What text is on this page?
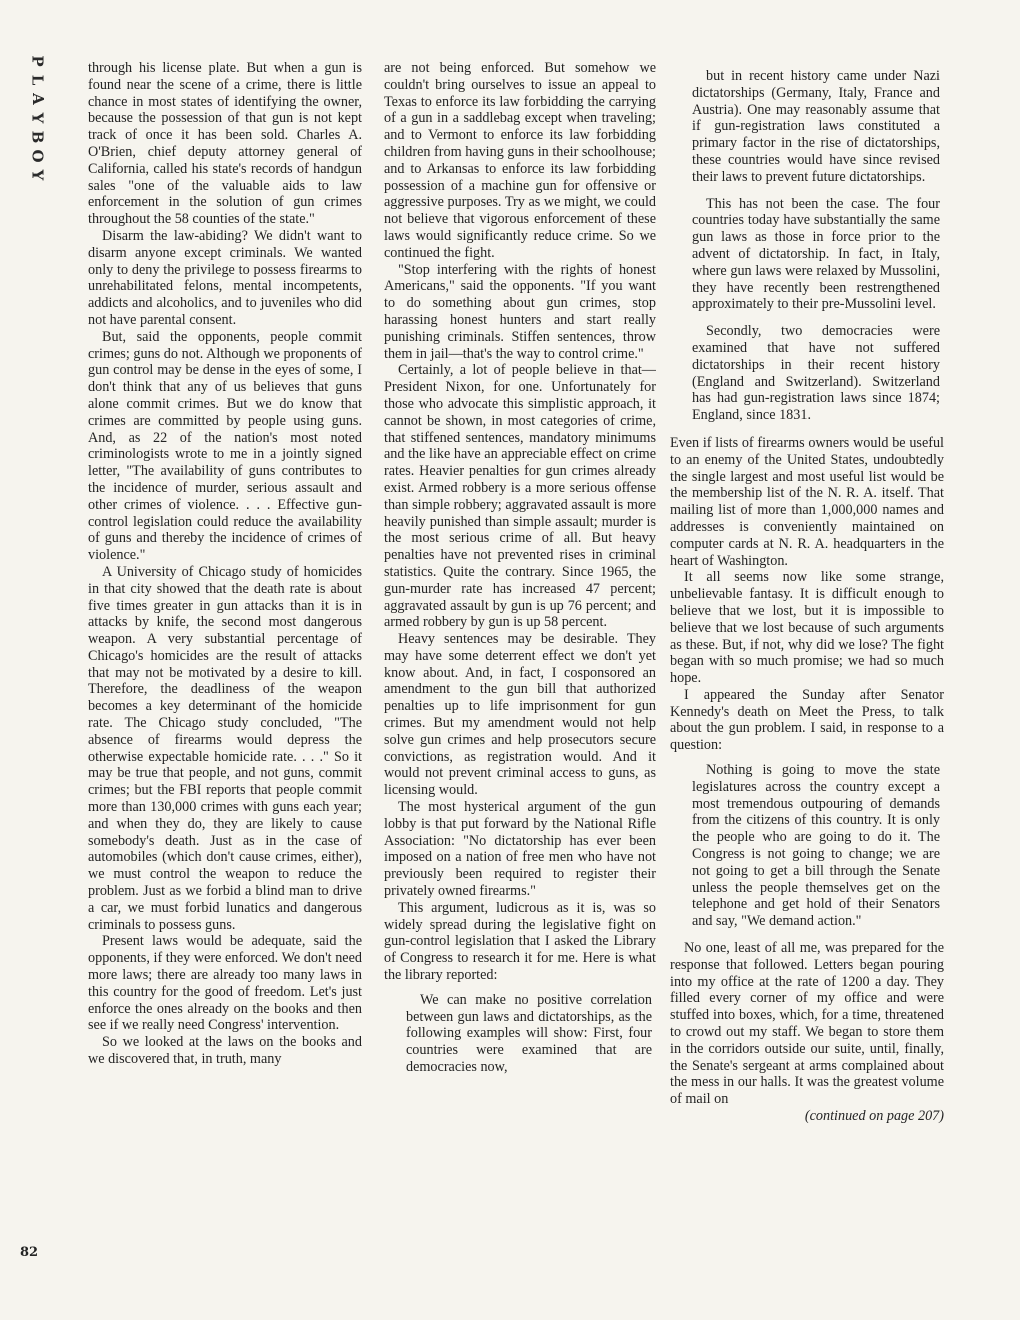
P
L
A
Y
B
O
Y
82

through his license plate. But when a gun is found near the scene of a crime, there is little chance in most states of identifying the owner, because the possession of that gun is not kept track of once it has been sold. Charles A. O'Brien, chief deputy attorney general of California, called his state's records of handgun sales "one of the valuable aids to law enforcement in the solution of gun crimes throughout the 58 counties of the state."

Disarm the law-abiding? We didn't want to disarm anyone except criminals. We wanted only to deny the privilege to possess firearms to unrehabilitated felons, mental incompetents, addicts and alcoholics, and to juveniles who did not have parental consent.

But, said the opponents, people commit crimes; guns do not. Although we proponents of gun control may be dense in the eyes of some, I don't think that any of us believes that guns alone commit crimes. But we do know that crimes are committed by people using guns. And, as 22 of the nation's most noted criminologists wrote to me in a jointly signed letter, "The availability of guns contributes to the incidence of murder, serious assault and other crimes of violence. . . . Effective gun-control legislation could reduce the availability of guns and thereby the incidence of crimes of violence."

A University of Chicago study of homicides in that city showed that the death rate is about five times greater in gun attacks than it is in attacks by knife, the second most dangerous weapon. A very substantial percentage of Chicago's homicides are the result of attacks that may not be motivated by a desire to kill. Therefore, the deadliness of the weapon becomes a key determinant of the homicide rate. The Chicago study concluded, "The absence of firearms would depress the otherwise expectable homicide rate. . . ." So it may be true that people, and not guns, commit crimes; but the FBI reports that people commit more than 130,000 crimes with guns each year; and when they do, they are likely to cause somebody's death. Just as in the case of automobiles (which don't cause crimes, either), we must control the weapon to reduce the problem. Just as we forbid a blind man to drive a car, we must forbid lunatics and dangerous criminals to possess guns.

Present laws would be adequate, said the opponents, if they were enforced. We don't need more laws; there are already too many laws in this country for the good of freedom. Let's just enforce the ones already on the books and then see if we really need Congress' intervention.

So we looked at the laws on the books and we discovered that, in truth, many

are not being enforced. But somehow we couldn't bring ourselves to issue an appeal to Texas to enforce its law forbidding the carrying of a gun in a saddlebag except when traveling; and to Vermont to enforce its law forbidding children from having guns in their schoolhouse; and to Arkansas to enforce its law forbidding possession of a machine gun for offensive or aggressive purposes. Try as we might, we could not believe that vigorous enforcement of these laws would significantly reduce crime. So we continued the fight.

"Stop interfering with the rights of honest Americans," said the opponents. "If you want to do something about gun crimes, stop harassing honest hunters and start really punishing criminals. Stiffen sentences, throw them in jail—that's the way to control crime."

Certainly, a lot of people believe in that—President Nixon, for one. Unfortunately for those who advocate this simplistic approach, it cannot be shown, in most categories of crime, that stiffened sentences, mandatory minimums and the like have an appreciable effect on crime rates. Heavier penalties for gun crimes already exist. Armed robbery is a more serious offense than simple robbery; aggravated assault is more heavily punished than simple assault; murder is the most serious crime of all. But heavy penalties have not prevented rises in criminal statistics. Quite the contrary. Since 1965, the gun-murder rate has increased 47 percent; aggravated assault by gun is up 76 percent; and armed robbery by gun is up 58 percent.

Heavy sentences may be desirable. They may have some deterrent effect we don't yet know about. And, in fact, I cosponsored an amendment to the gun bill that authorized penalties up to life imprisonment for gun crimes. But my amendment would not help solve gun crimes and help prosecutors secure convictions, as registration would. And it would not prevent criminal access to guns, as licensing would.

The most hysterical argument of the gun lobby is that put forward by the National Rifle Association: "No dictatorship has ever been imposed on a nation of free men who have not previously been required to register their privately owned firearms."

This argument, ludicrous as it is, was so widely spread during the legislative fight on gun-control legislation that I asked the Library of Congress to research it for me. Here is what the library reported:

We can make no positive correlation between gun laws and dictatorships, as the following examples will show: First, four countries were examined that are democracies now,
but in recent history came under Nazi dictatorships (Germany, Italy, France and Austria). One may reasonably assume that if gun-registration laws constituted a primary factor in the rise of dictatorships, these countries would have since revised their laws to prevent future dictatorships.
This has not been the case. The four countries today have substantially the same gun laws as those in force prior to the advent of dictatorship. In fact, in Italy, where gun laws were relaxed by Mussolini, they have recently been restrengthened approximately to their pre-Mussolini level.
Secondly, two democracies were examined that have not suffered dictatorships in their recent history (England and Switzerland). Switzerland has had gun-registration laws since 1874; England, since 1831.

Even if lists of firearms owners would be useful to an enemy of the United States, undoubtedly the single largest and most useful list would be the membership list of the N. R. A. itself. That mailing list of more than 1,000,000 names and addresses is conveniently maintained on computer cards at N. R. A. headquarters in the heart of Washington.

It all seems now like some strange, unbelievable fantasy. It is difficult enough to believe that we lost, but it is impossible to believe that we lost because of such arguments as these. But, if not, why did we lose? The fight began with so much promise; we had so much hope.

I appeared the Sunday after Senator Kennedy's death on Meet the Press, to talk about the gun problem. I said, in response to a question:

Nothing is going to move the state legislatures across the country except a most tremendous outpouring of demands from the citizens of this country. It is only the people who are going to do it. The Congress is not going to change; we are not going to get a bill through the Senate unless the people themselves get on the telephone and get hold of their Senators and say, "We demand action."

No one, least of all me, was prepared for the response that followed. Letters began pouring into my office at the rate of 1200 a day. They filled every corner of my office and were stuffed into boxes, which, for a time, threatened to crowd out my staff. We began to store them in the corridors outside our suite, until, finally, the Senate's sergeant at arms complained about the mess in our halls. It was the greatest volume of mail on

(continued on page 207)
